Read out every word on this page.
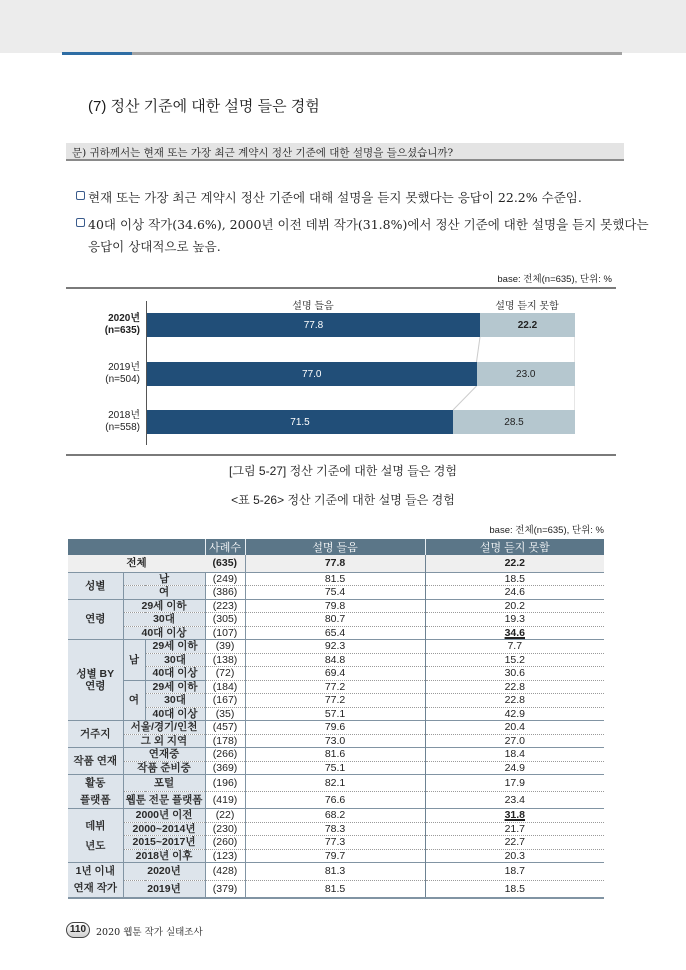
(7) 정산 기준에 대한 설명 들은 경험
문) 귀하께서는 현재 또는 가장 최근 계약시 정산 기준에 대한 설명을 들으셨습니까?
현재 또는 가장 최근 계약시 정산 기준에 대해 설명을 듣지 못했다는 응답이 22.2% 수준임.
40대 이상 작가(34.6%), 2000년 이전 데뷔 작가(31.8%)에서 정산 기준에 대한 설명을 듣지 못했다는
응답이 상대적으로 높음.
base: 전체(n=635), 단위: %
설명 들음	설명 듣지 못함
2020년
(n=635)	77.8	22.2
2019년
(n=504)	77.0	23.0
2018년
(n=558)	71.5	28.5
[그림 5-27] 정산 기준에 대한 설명 들은 경험
<표 5-26> 정산 기준에 대한 설명 들은 경험
base: 전체(n=635), 단위: %
			사례수	설명 들음	설명 듣지 못함
전체			(635)	77.8	22.2

성별	남		(249)	81.5	18.5
	여		(386)	75.4	24.6

연령	29세 이하		(223)	79.8	20.2
	30대		(305)	80.7	19.3
	40대 이상		(107)	65.4	34.6

성별 BY
연령	남	29세 이하	(39)	92.3	7.7
		30대	(138)	84.8	15.2
		40대 이상	(72)	69.4	30.6
	여	29세 이하	(184)	77.2	22.8
		30대	(167)	77.2	22.8
		40대 이상	(35)	57.1	42.9

거주지	서울/경기/인천		(457)	79.6	20.4
	그 외 지역		(178)	73.0	27.0

작품 연재	연재중		(266)	81.6	18.4
	작품 준비중		(369)	75.1	24.9

활동
플랫폼	포털		(196)	82.1	17.9
	웹툰 전문 플랫폼		(419)	76.6	23.4

데뷔
년도	2000년 이전		(22)	68.2	31.8
	2000~2014년		(230)	78.3	21.7
	2015~2017년		(260)	77.3	22.7
	2018년 이후		(123)	79.7	20.3

1년 이내
연재 작가	2020년		(428)	81.3	18.7
	2019년		(379)	81.5	18.5
110	2020 웹툰 작가 실태조사
